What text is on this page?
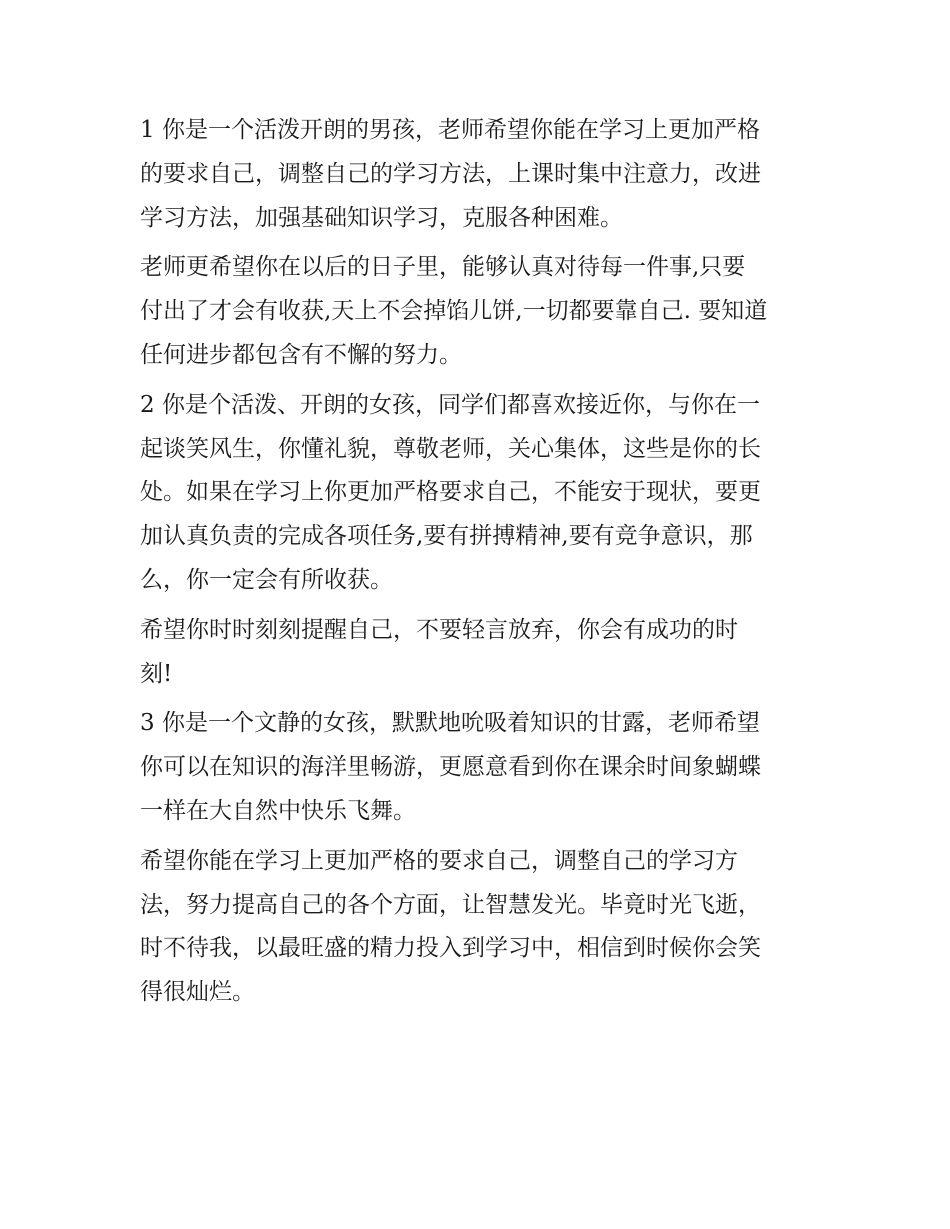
1 你是一个活泼开朗的男孩，老师希望你能在学习上更加严格
的要求自己，调整自己的学习方法，上课时集中注意力，改进
学习方法，加强基础知识学习，克服各种困难。

老师更希望你在以后的日子里，能够认真对待每一件事,只要
付出了才会有收获,天上不会掉馅儿饼,一切都要靠自己. 要知道
任何进步都包含有不懈的努力。

2 你是个活泼、开朗的女孩，同学们都喜欢接近你，与你在一
起谈笑风生，你懂礼貌，尊敬老师，关心集体，这些是你的长
处。如果在学习上你更加严格要求自己，不能安于现状，要更
加认真负责的完成各项任务,要有拼搏精神,要有竞争意识，那
么，你一定会有所收获。

希望你时时刻刻提醒自己，不要轻言放弃，你会有成功的时
刻!

3 你是一个文静的女孩，默默地吮吸着知识的甘露，老师希望
你可以在知识的海洋里畅游，更愿意看到你在课余时间象蝴蝶
一样在大自然中快乐飞舞。

希望你能在学习上更加严格的要求自己，调整自己的学习方
法，努力提高自己的各个方面，让智慧发光。毕竟时光飞逝，
时不待我，以最旺盛的精力投入到学习中，相信到时候你会笑
得很灿烂。
